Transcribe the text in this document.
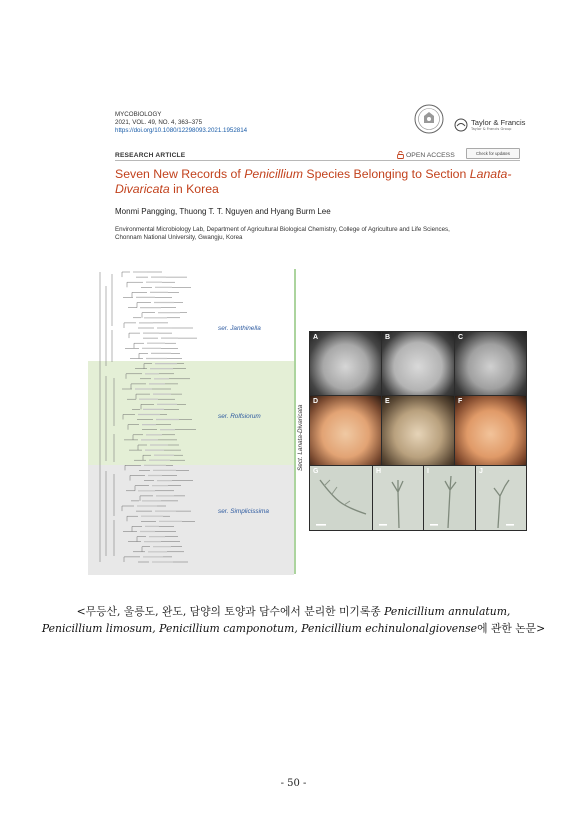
MYCOBIOLOGY
2021, VOL. 49, NO. 4, 363–375
https://doi.org/10.1080/12298093.2021.1952814
Taylor & Francis
Taylor & Francis Group
RESEARCH ARTICLE	OPEN ACCESS	Check for updates
Seven New Records of Penicillium Species Belonging to Section Lanata-Divaricata in Korea
Monmi Pangging, Thuong T. T. Nguyen and Hyang Burm Lee
Environmental Microbiology Lab, Department of Agricultural Biological Chemistry, College of Agriculture and Life Sciences,
Chonnam National University, Gwangju, Korea
ser. Janthinella
ser. Rolfsiorum
ser. Simplicissima
Sect. Lanata-Divaricata
A	B	C
D	E	F
G	H	I	J
<무등산, 울릉도, 완도, 담양의 토양과 담수에서 분리한 미기록종 Penicillium annulatum,
Penicillium limosum, Penicillium camponotum, Penicillium echinulonalgiovense에 관한 논문>
- 50 -
